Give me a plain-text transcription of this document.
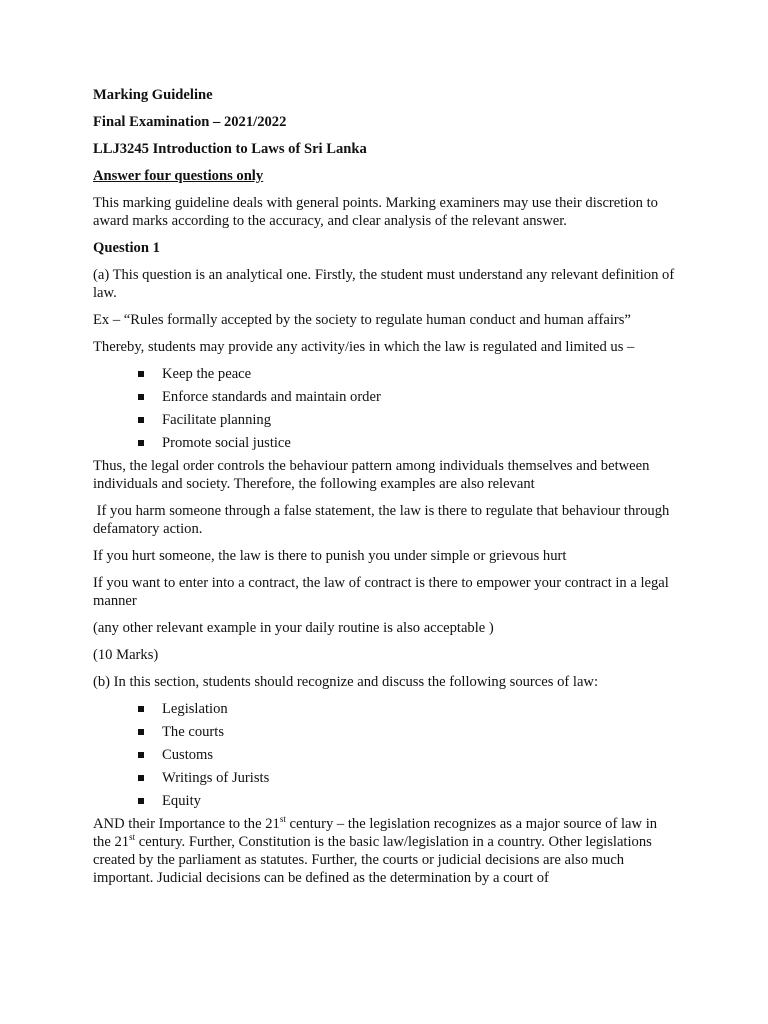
Marking Guideline
Final Examination – 2021/2022
LLJ3245 Introduction to Laws of Sri Lanka
Answer four questions only

This marking guideline deals with general points. Marking examiners may use their discretion to award marks according to the accuracy, and clear analysis of the relevant answer.

Question 1

(a) This question is an analytical one. Firstly, the student must understand any relevant definition of law.

Ex – “Rules formally accepted by the society to regulate human conduct and human affairs”

Thereby, students may provide any activity/ies in which the law is regulated and limited us –

Keep the peace
Enforce standards and maintain order
Facilitate planning
Promote social justice

Thus, the legal order controls the behaviour pattern among individuals themselves and between individuals and society. Therefore, the following examples are also relevant

If you harm someone through a false statement, the law is there to regulate that behaviour through defamatory action.

If you hurt someone, the law is there to punish you under simple or grievous hurt

If you want to enter into a contract, the law of contract is there to empower your contract in a legal manner

(any other relevant example in your daily routine is also acceptable )

(10 Marks)

(b) In this section, students should recognize and discuss the following sources of law:

Legislation
The courts
Customs
Writings of Jurists
Equity

AND their Importance to the 21st century – the legislation recognizes as a major source of law in the 21st century. Further, Constitution is the basic law/legislation in a country. Other legislations created by the parliament as statutes. Further, the courts or judicial decisions are also much important. Judicial decisions can be defined as the determination by a court of
